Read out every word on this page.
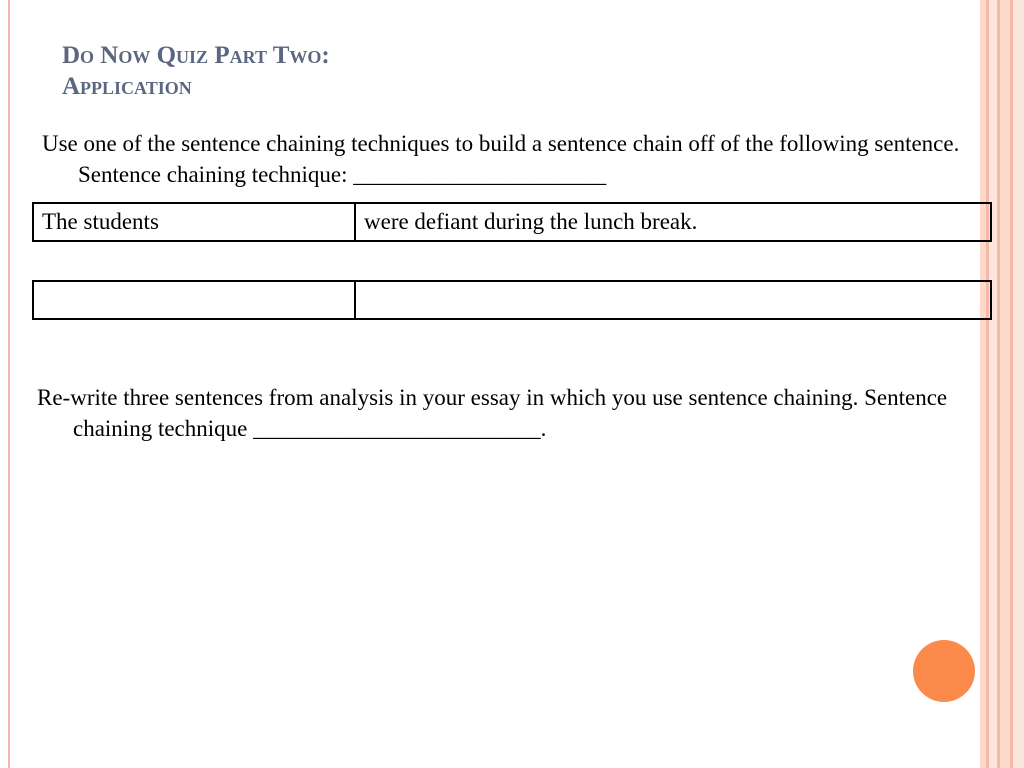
Do Now Quiz Part Two:
Application
Use one of the sentence chaining techniques to build a sentence chain off of the following sentence. Sentence chaining technique: ______________________
The students	were defiant during the lunch break.

Re-write three sentences from analysis in your essay in which you use sentence chaining. Sentence chaining technique _________________________.
